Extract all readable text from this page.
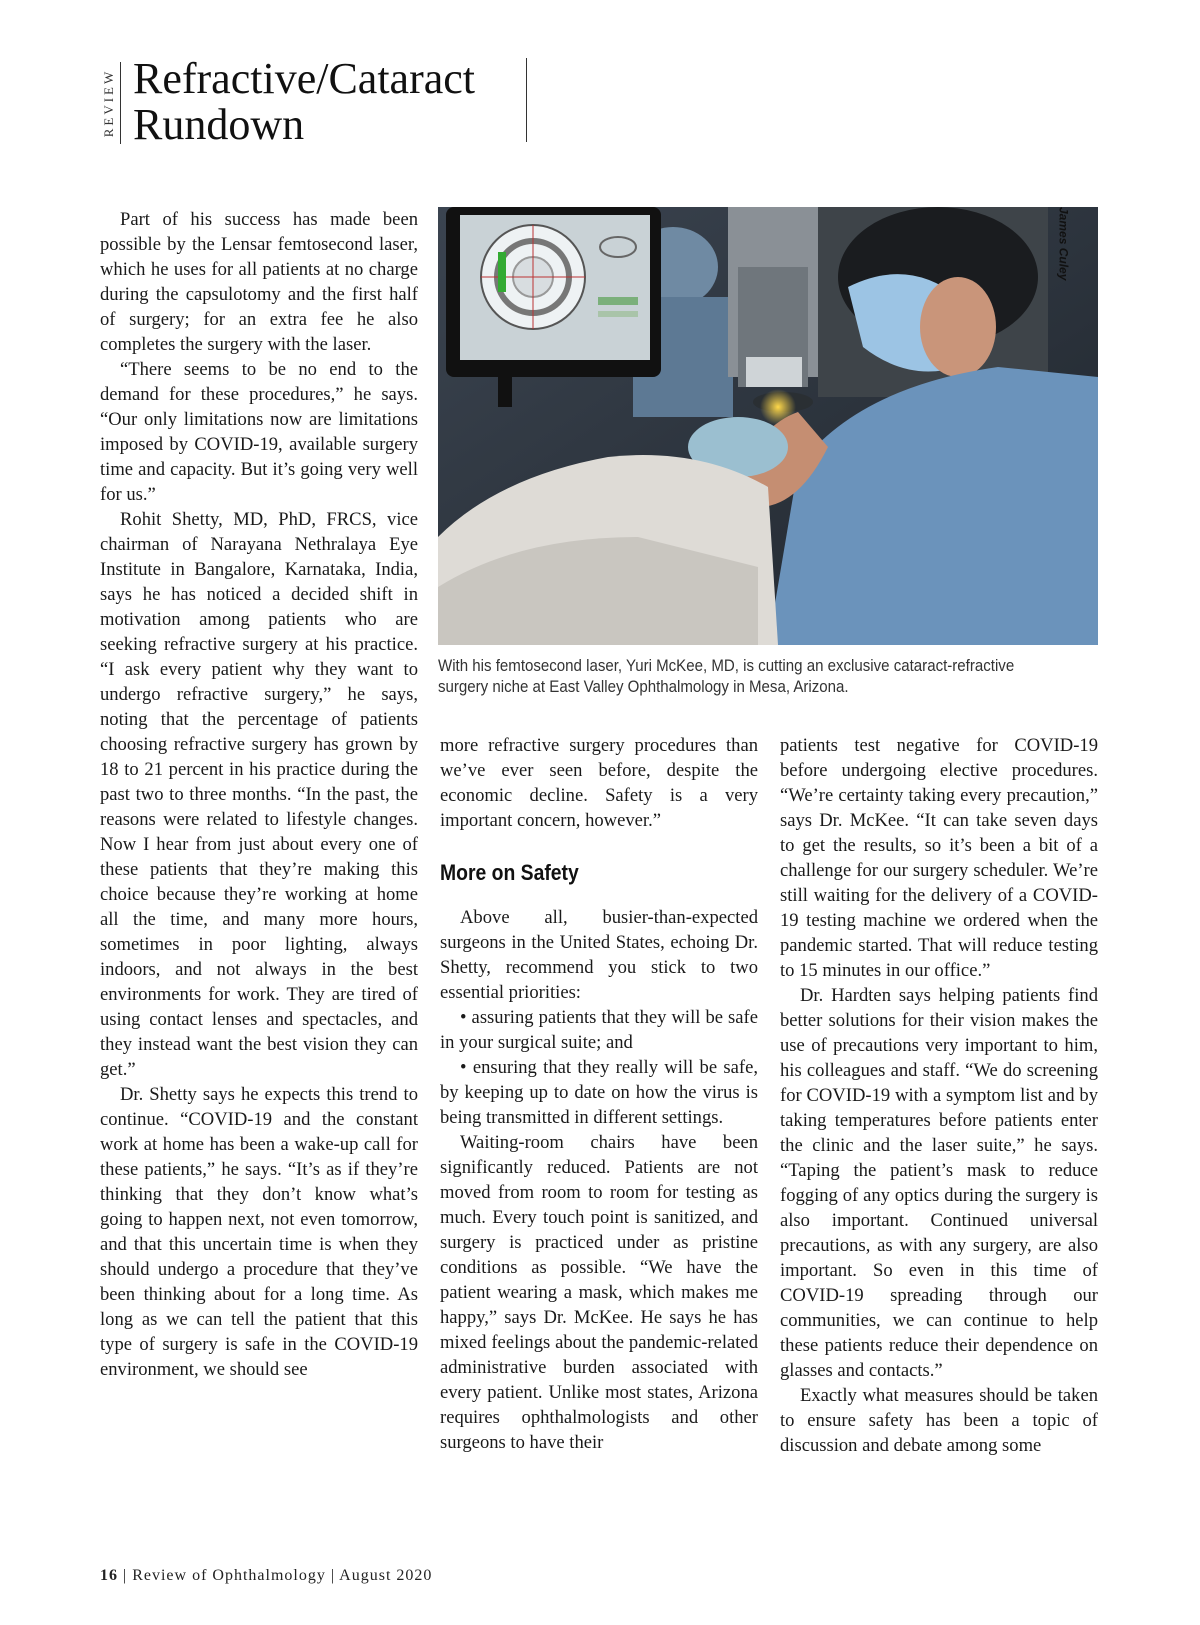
REVIEW Refractive/Cataract
Rundown

Part of his success has made been possible by the Lensar femtosecond laser, which he uses for all patients at no charge during the capsulotomy and the first half of surgery; for an extra fee he also completes the surgery with the laser.

“There seems to be no end to the demand for these procedures,” he says. “Our only limitations now are limitations imposed by COVID-19, available surgery time and capacity. But it’s going very well for us.”

Rohit Shetty, MD, PhD, FRCS, vice chairman of Narayana Nethralaya Eye Institute in Bangalore, Karnataka, India, says he has noticed a decided shift in motivation among patients who are seeking refractive surgery at his practice. “I ask every patient why they want to undergo refractive surgery,” he says, noting that the percentage of patients choosing refractive surgery has grown by 18 to 21 percent in his practice during the past two to three months. “In the past, the reasons were related to lifestyle changes. Now I hear from just about every one of these patients that they’re making this choice because they’re working at home all the time, and many more hours, sometimes in poor lighting, always indoors, and not always in the best environments for work. They are tired of using contact lenses and spectacles, and they instead want the best vision they can get.”

Dr. Shetty says he expects this trend to continue. “COVID-19 and the constant work at home has been a wake-up call for these patients,” he says. “It’s as if they’re thinking that they don’t know what’s going to happen next, not even tomorrow, and that this uncertain time is when they should undergo a procedure that they’ve been thinking about for a long time. As long as we can tell the patient that this type of surgery is safe in the COVID-19 environment, we should see

James Culey
With his femtosecond laser, Yuri McKee, MD, is cutting an exclusive cataract-refractive surgery niche at East Valley Ophthalmology in Mesa, Arizona.

more refractive surgery procedures than we’ve ever seen before, despite the economic decline. Safety is a very important concern, however.”

More on Safety

Above all, busier-than-expected surgeons in the United States, echoing Dr. Shetty, recommend you stick to two essential priorities:

• assuring patients that they will be safe in your surgical suite; and

• ensuring that they really will be safe, by keeping up to date on how the virus is being transmitted in different settings.

Waiting-room chairs have been significantly reduced. Patients are not moved from room to room for testing as much. Every touch point is sanitized, and surgery is practiced under as pristine conditions as possible. “We have the patient wearing a mask, which makes me happy,” says Dr. McKee. He says he has mixed feelings about the pandemic-related administrative burden associated with every patient. Unlike most states, Arizona requires ophthalmologists and other surgeons to have their

patients test negative for COVID-19 before undergoing elective procedures. “We’re certainty taking every precaution,” says Dr. McKee. “It can take seven days to get the results, so it’s been a bit of a challenge for our surgery scheduler. We’re still waiting for the delivery of a COVID-19 testing machine we ordered when the pandemic started. That will reduce testing to 15 minutes in our office.”

Dr. Hardten says helping patients find better solutions for their vision makes the use of precautions very important to him, his colleagues and staff. “We do screening for COVID-19 with a symptom list and by taking temperatures before patients enter the clinic and the laser suite,” he says. “Taping the patient’s mask to reduce fogging of any optics during the surgery is also important. Continued universal precautions, as with any surgery, are also important. So even in this time of COVID-19 spreading through our communities, we can continue to help these patients reduce their dependence on glasses and contacts.”

Exactly what measures should be taken to ensure safety has been a topic of discussion and debate among some

16 | Review of Ophthalmology | August 2020
